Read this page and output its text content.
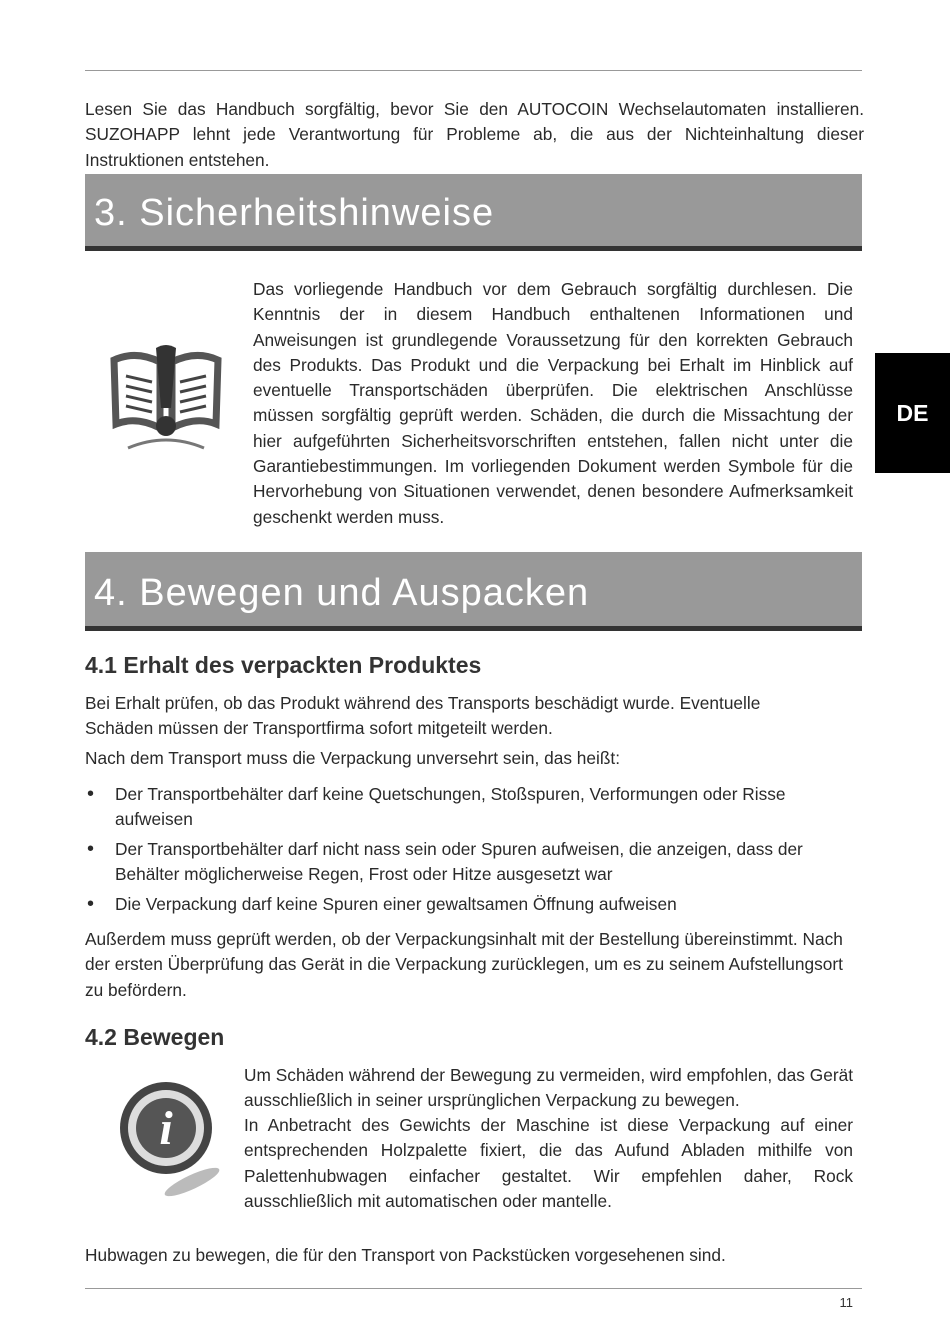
Lesen Sie das Handbuch sorgfältig, bevor Sie den AUTOCOIN Wechselautomaten installieren. SUZOHAPP lehnt jede Verantwortung für Probleme ab, die aus der Nichteinhaltung dieser Instruktionen entstehen.

3. Sicherheitshinweise

Das vorliegende Handbuch vor dem Gebrauch sorgfältig durchlesen. Die Kenntnis der in diesem Handbuch enthaltenen Informationen und Anweisungen ist grundlegende Voraussetzung für den korrekten Gebrauch des Produkts. Das Produkt und die Verpackung bei Erhalt im Hinblick auf eventuelle Transportschäden überprüfen. Die elektrischen Anschlüsse müssen sorgfältig geprüft werden. Schäden, die durch die Missachtung der hier aufgeführten Sicherheitsvorschriften entstehen, fallen nicht unter die Garantiebestimmungen. Im vorliegenden Dokument werden Symbole für die Hervorhebung von Situationen verwendet, denen besondere Aufmerksamkeit geschenkt werden muss.

DE
4. Bewegen und Auspacken
4.1 Erhalt des verpackten Produktes

Bei Erhalt prüfen, ob das Produkt während des Transports beschädigt wurde. Eventuelle Schäden müssen der Transportfirma sofort mitgeteilt werden.

Nach dem Transport muss die Verpackung unversehrt sein, das heißt:

• Der Transportbehälter darf keine Quetschungen, Stoßspuren, Verformungen oder Risse aufweisen
• Der Transportbehälter darf nicht nass sein oder Spuren aufweisen, die anzeigen, dass der Behälter möglicherweise Regen, Frost oder Hitze ausgesetzt war
• Die Verpackung darf keine Spuren einer gewaltsamen Öffnung aufweisen

Außerdem muss geprüft werden, ob der Verpackungsinhalt mit der Bestellung übereinstimmt. Nach der ersten Überprüfung das Gerät in die Verpackung zurücklegen, um es zu seinem Aufstellungsort zu befördern.

4.2 Bewegen
i

Um Schäden während der Bewegung zu vermeiden, wird empfohlen, das Gerät ausschließlich in seiner ursprünglichen Verpackung zu bewegen.

In Anbetracht des Gewichts der Maschine ist diese Verpackung auf einer entsprechenden Holzpalette fixiert, die das Aufund Abladen mithilfe von Palettenhubwagen einfacher gestaltet. Wir empfehlen daher, Rock ausschließlich mit automatischen oder mantelle.

Hubwagen zu bewegen, die für den Transport von Packstücken vorgesehenen sind.

11
